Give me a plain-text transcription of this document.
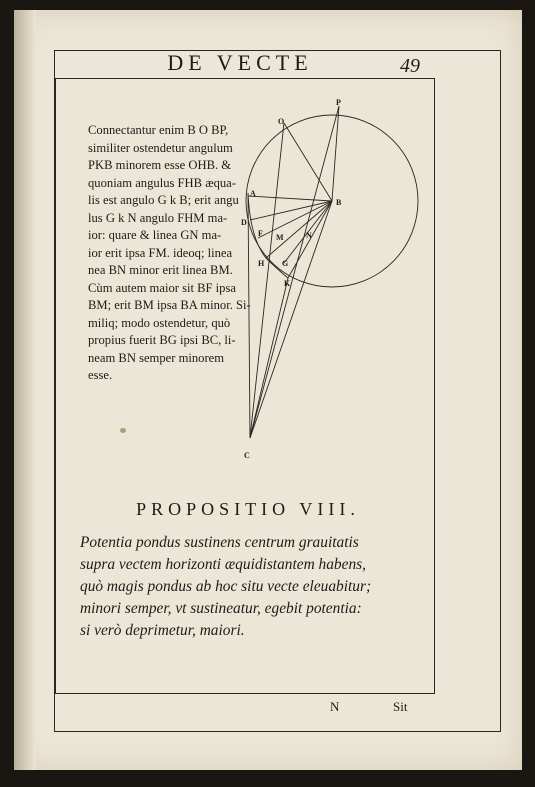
DE VECTE	49

Connectantur enim B O BP,
similiter ostendetur angulum
PKB minorem esse OHB. &
quoniam angulus FHB æqua-
lis est angulo G k B; erit angu
lus G k N angulo FHM ma-
ior: quare & linea GN ma-
ior erit ipsa FM. ideoq; linea
nea BN minor erit linea BM.
Cùm autem maior sit BF ipsa
BM; erit BM ipsa BA minor. Si-
miliq; modo ostendetur, quò
propius fuerit BG ipsi BC, li-
neam BN semper minorem
esse.

P
O
B
A
D
F M	N
H G
K
C
PROPOSITIO VIII.

Potentia pondus sustinens centrum grauitatis
supra vectem horizonti æquidistantem habens,
quò magis pondus ab hoc situ vecte eleuabitur;
minori semper, vt sustineatur, egebit potentia:
si verò deprimetur, maiori.

N	Sit
